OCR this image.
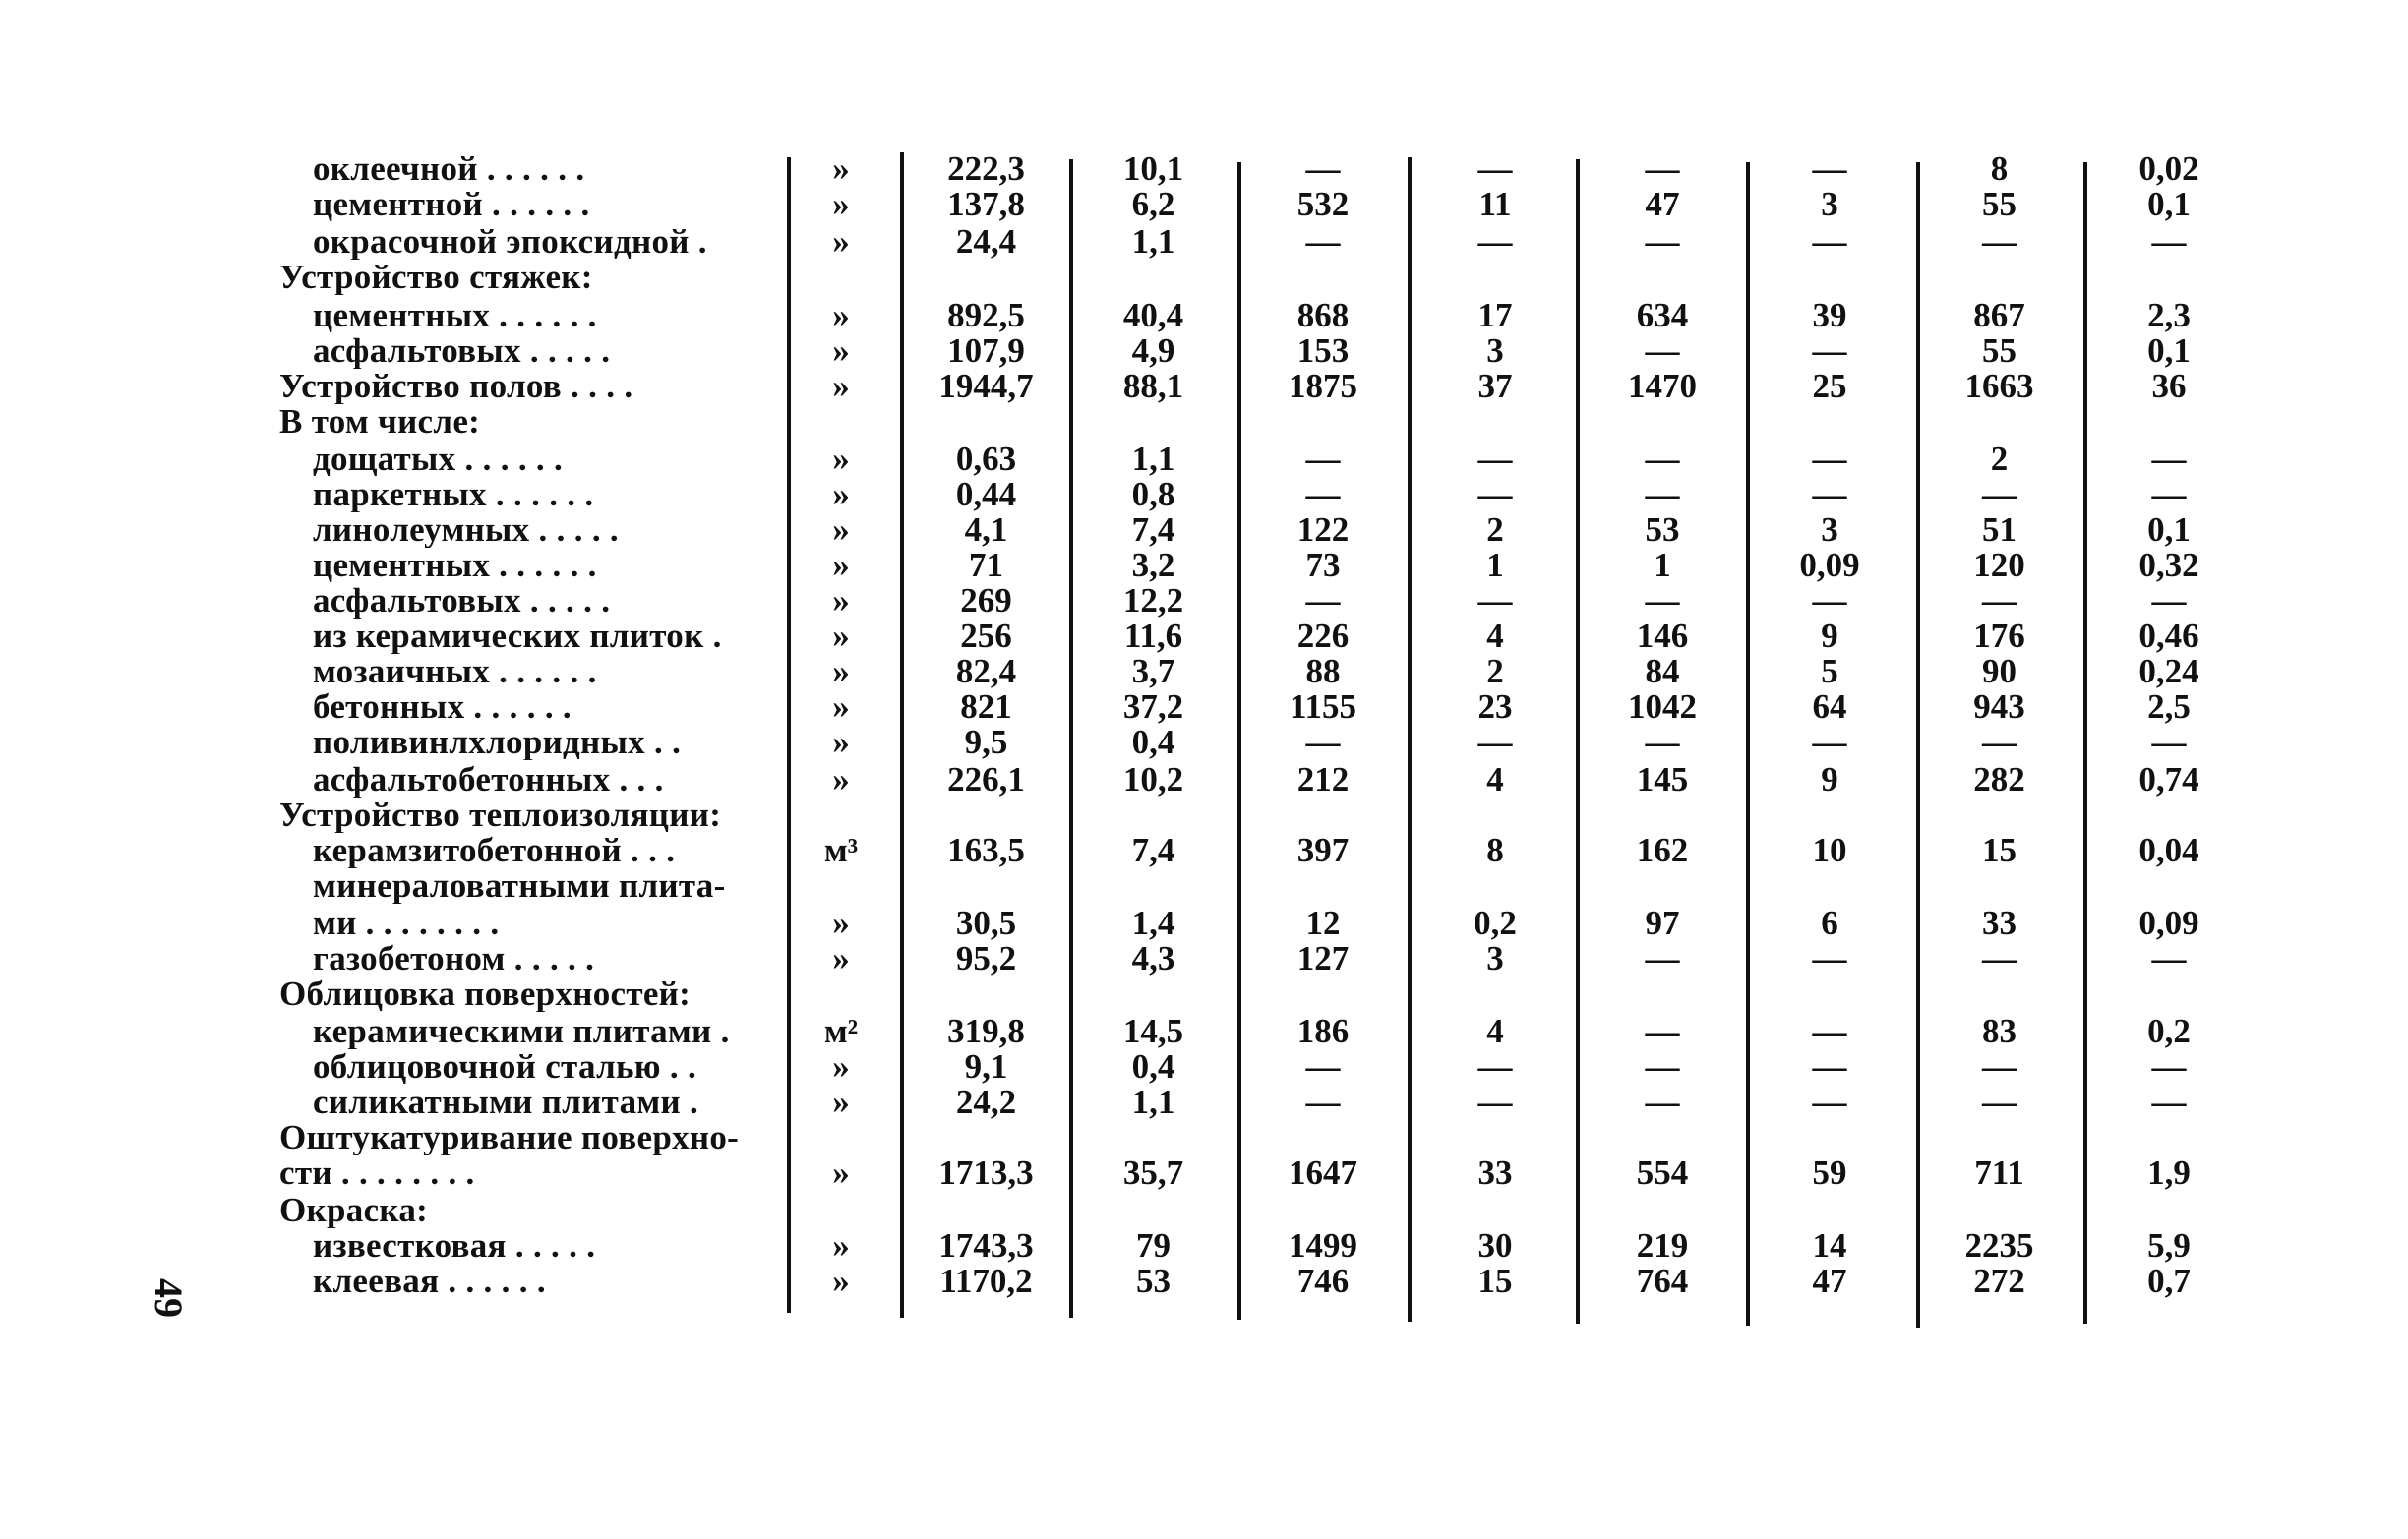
49
оклеечной . . . . . .	»	222,3	10,1	—	—	—	—	8	0,02
цементной . . . . . .	»	137,8	6,2	532	11	47	3	55	0,1
окрасочной эпоксидной .	»	24,4	1,1	—	—	—	—	—	—
Устройство стяжек:
цементных . . . . . .	»	892,5	40,4	868	17	634	39	867	2,3
асфальтовых . . . . .	»	107,9	4,9	153	3	—	—	55	0,1
Устройство полов . . . .	»	1944,7	88,1	1875	37	1470	25	1663	36
В том числе:
дощатых . . . . . .	»	0,63	1,1	—	—	—	—	2	—
паркетных . . . . . .	»	0,44	0,8	—	—	—	—	—	—
линолеумных . . . . .	»	4,1	7,4	122	2	53	3	51	0,1
цементных . . . . . .	»	71	3,2	73	1	1	0,09	120	0,32
асфальтовых . . . . .	»	269	12,2	—	—	—	—	—	—
из керамических плиток .	»	256	11,6	226	4	146	9	176	0,46
мозаичных . . . . . .	»	82,4	3,7	88	2	84	5	90	0,24
бетонных . . . . . .	»	821	37,2	1155	23	1042	64	943	2,5
поливинлхлоридных . .	»	9,5	0,4	—	—	—	—	—	—
асфальтобетонных . . .	»	226,1	10,2	212	4	145	9	282	0,74
Устройство теплоизоляции:
керамзитобетонной . . .	м³	163,5	7,4	397	8	162	10	15	0,04
минераловатными плита-
ми . . . . . . . .	»	30,5	1,4	12	0,2	97	6	33	0,09
газобетоном . . . . .	»	95,2	4,3	127	3	—	—	—	—
Облицовка поверхностей:
керамическими плитами .	м²	319,8	14,5	186	4	—	—	83	0,2
облицовочной сталью . .	»	9,1	0,4	—	—	—	—	—	—
силикатными плитами .	»	24,2	1,1	—	—	—	—	—	—
Оштукатуривание поверхно-
сти . . . . . . . .	»	1713,3	35,7	1647	33	554	59	711	1,9
Окраска:
известковая . . . . .	»	1743,3	79	1499	30	219	14	2235	5,9
клеевая . . . . . .	»	1170,2	53	746	15	764	47	272	0,7
